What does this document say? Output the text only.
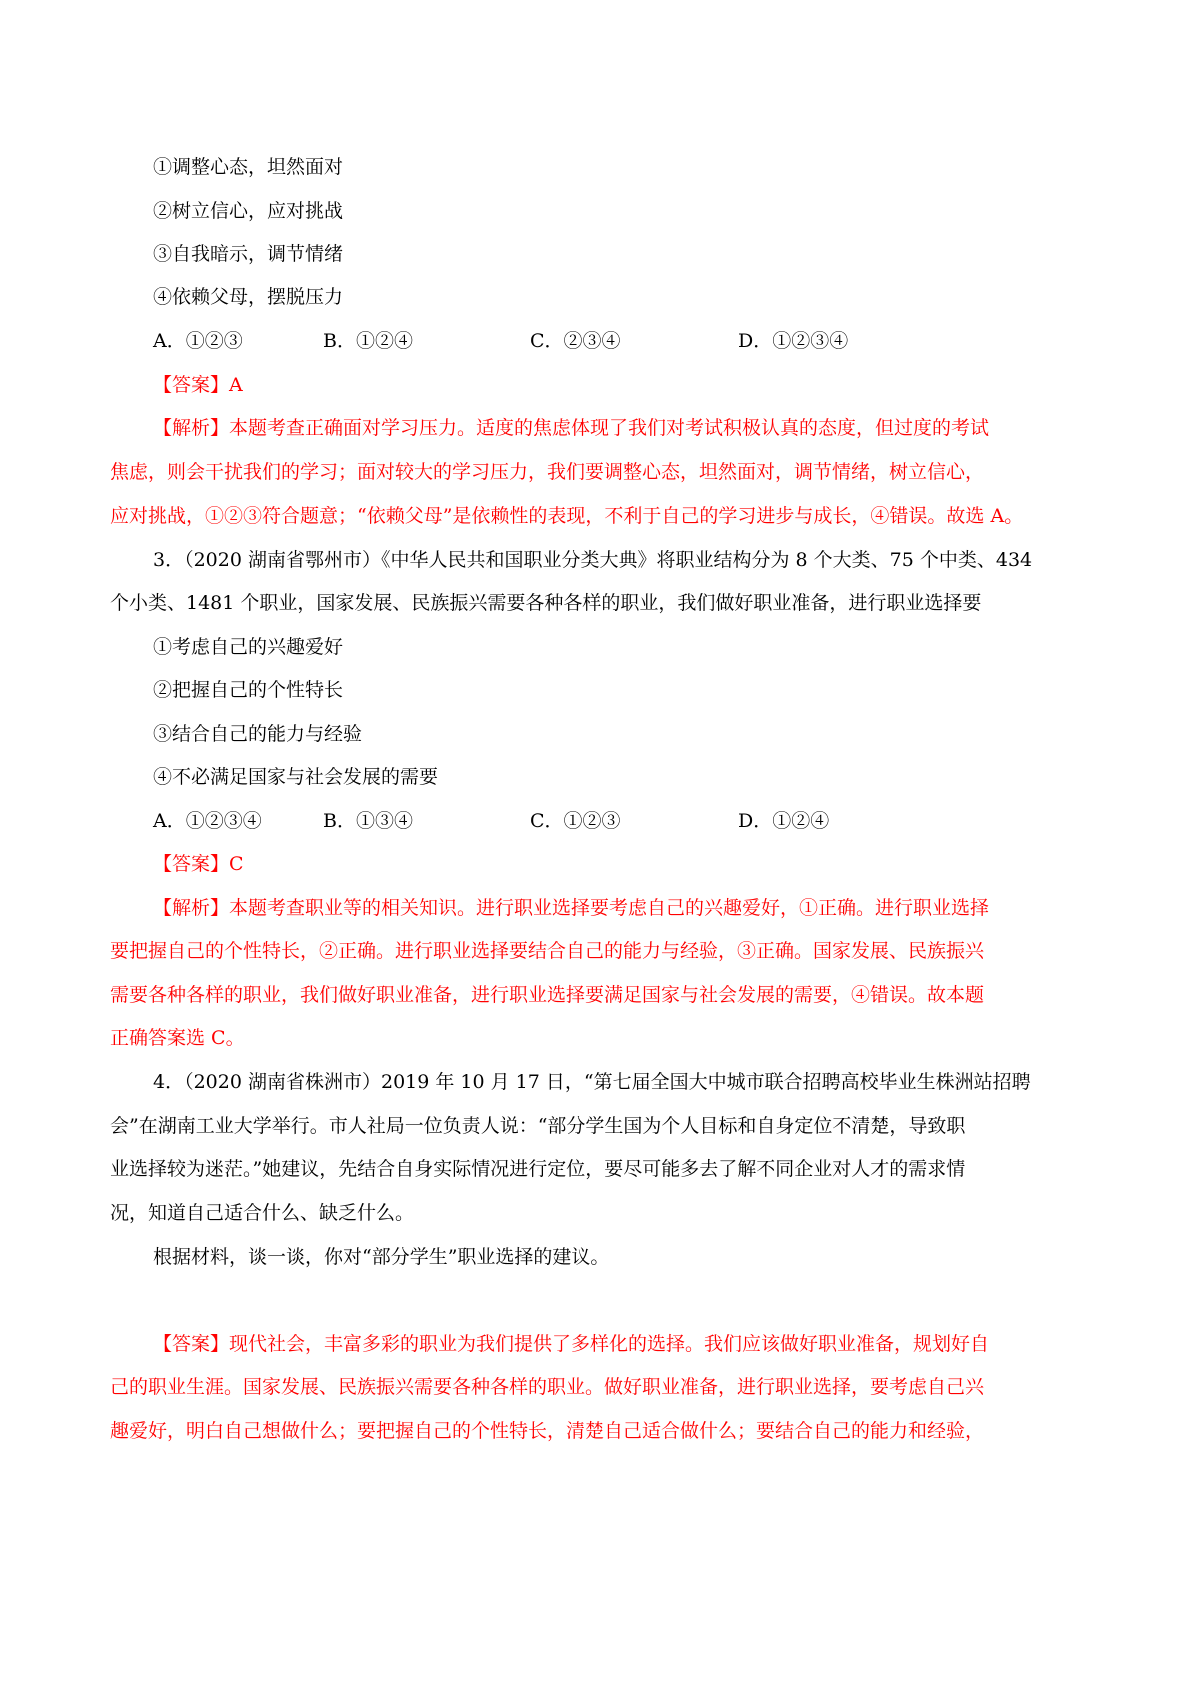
①调整心态，坦然面对
②树立信心，应对挑战
③自我暗示，调节情绪
④依赖父母，摆脱压力
A．①②③	B．①②④	C．②③④	D．①②③④
【答案】A
【解析】本题考查正确面对学习压力。适度的焦虑体现了我们对考试积极认真的态度，但过度的考试
焦虑，则会干扰我们的学习；面对较大的学习压力，我们要调整心态，坦然面对，调节情绪，树立信心，
应对挑战，①②③符合题意；“依赖父母”是依赖性的表现，不利于自己的学习进步与成长，④错误。故选 A。
3．（2020 湖南省鄂州市）《中华人民共和国职业分类大典》将职业结构分为 8 个大类、75 个中类、434
个小类、1481 个职业，国家发展、民族振兴需要各种各样的职业，我们做好职业准备，进行职业选择要
①考虑自己的兴趣爱好
②把握自己的个性特长
③结合自己的能力与经验
④不必满足国家与社会发展的需要
A．①②③④	B．①③④	C．①②③	D．①②④
【答案】C
【解析】本题考查职业等的相关知识。进行职业选择要考虑自己的兴趣爱好，①正确。进行职业选择
要把握自己的个性特长，②正确。进行职业选择要结合自己的能力与经验，③正确。国家发展、民族振兴
需要各种各样的职业，我们做好职业准备，进行职业选择要满足国家与社会发展的需要，④错误。故本题
正确答案选 C。
4．（2020 湖南省株洲市）2019 年 10 月 17 日，“第七届全国大中城市联合招聘高校毕业生株洲站招聘
会”在湖南工业大学举行。市人社局一位负责人说：“部分学生国为个人目标和自身定位不清楚，导致职
业选择较为迷茫。”她建议，先结合自身实际情况进行定位，要尽可能多去了解不同企业对人才的需求情
况，知道自己适合什么、缺乏什么。
根据材料，谈一谈，你对“部分学生”职业选择的建议。
【答案】现代社会，丰富多彩的职业为我们提供了多样化的选择。我们应该做好职业准备，规划好自
己的职业生涯。国家发展、民族振兴需要各种各样的职业。做好职业准备，进行职业选择，要考虑自己兴
趣爱好，明白自己想做什么；要把握自己的个性特长，清楚自己适合做什么；要结合自己的能力和经验，
